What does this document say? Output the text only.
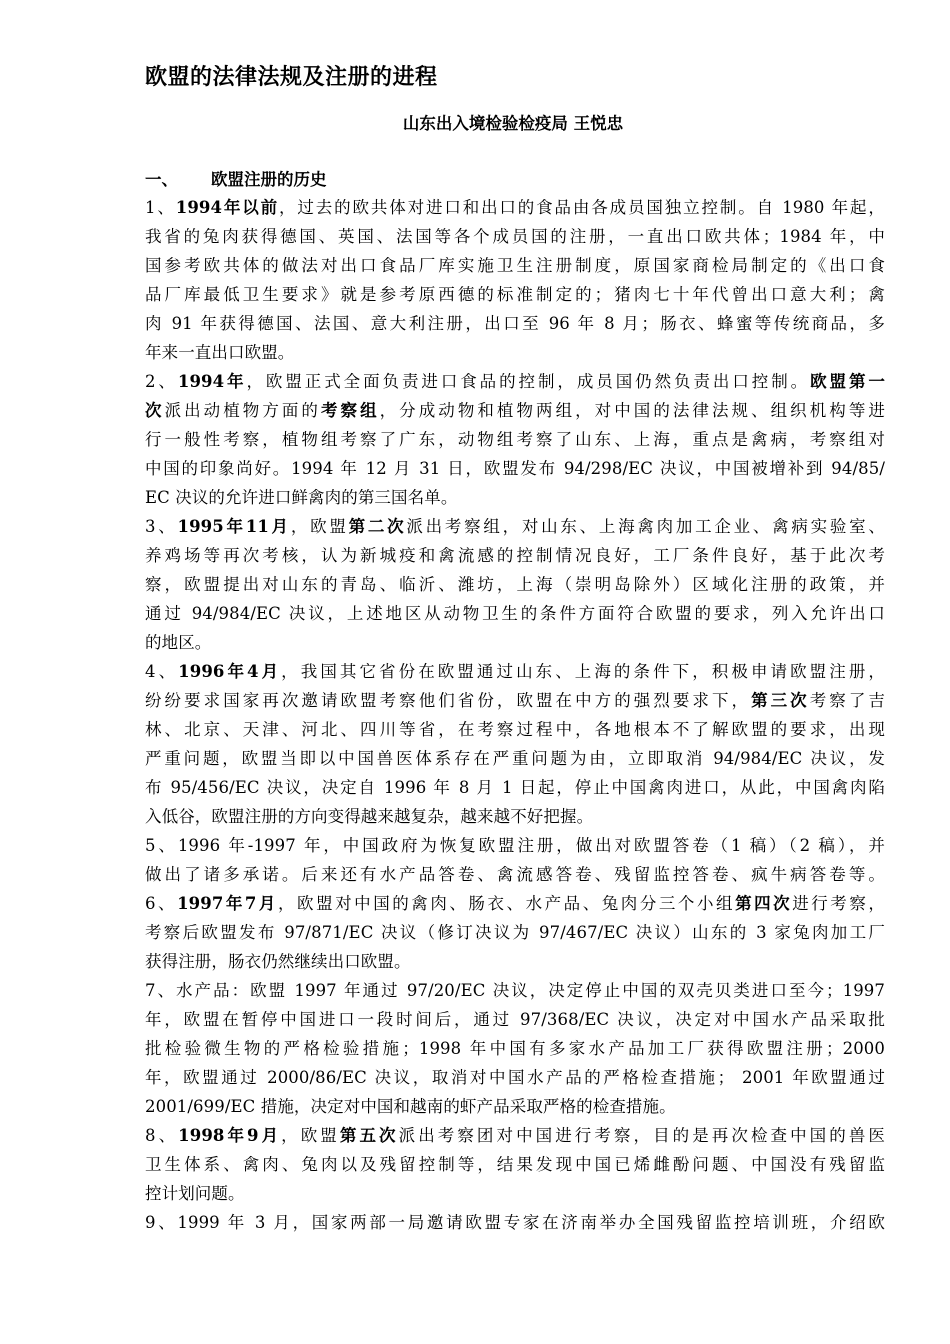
欧盟的法律法规及注册的进程
山东出入境检验检疫局 王悦忠
一、 欧盟注册的历史
1、1994年以前，过去的欧共体对进口和出口的食品由各成员国独立控制。自 1980 年起，
我省的兔肉获得德国、英国、法国等各个成员国的注册，一直出口欧共体；1984 年，中
国参考欧共体的做法对出口食品厂库实施卫生注册制度，原国家商检局制定的《出口食
品厂库最低卫生要求》就是参考原西德的标准制定的；猪肉七十年代曾出口意大利；禽
肉 91 年获得德国、法国、意大利注册，出口至 96 年 8 月；肠衣、蜂蜜等传统商品，多
年来一直出口欧盟。
2、1994年，欧盟正式全面负责进口食品的控制，成员国仍然负责出口控制。欧盟第一
次派出动植物方面的考察组，分成动物和植物两组，对中国的法律法规、组织机构等进
行一般性考察，植物组考察了广东，动物组考察了山东、上海，重点是禽病，考察组对
中国的印象尚好。1994 年 12 月 31 日，欧盟发布 94/298/EC 决议，中国被增补到 94/85/
EC 决议的允许进口鲜禽肉的第三国名单。
3、1995年11月，欧盟第二次派出考察组，对山东、上海禽肉加工企业、禽病实验室、
养鸡场等再次考核，认为新城疫和禽流感的控制情况良好，工厂条件良好，基于此次考
察，欧盟提出对山东的青岛、临沂、潍坊，上海（崇明岛除外）区域化注册的政策，并
通过 94/984/EC 决议，上述地区从动物卫生的条件方面符合欧盟的要求，列入允许出口
的地区。
4、1996年4月，我国其它省份在欧盟通过山东、上海的条件下，积极申请欧盟注册，
纷纷要求国家再次邀请欧盟考察他们省份，欧盟在中方的强烈要求下，第三次考察了吉
林、北京、天津、河北、四川等省，在考察过程中，各地根本不了解欧盟的要求，出现
严重问题，欧盟当即以中国兽医体系存在严重问题为由，立即取消 94/984/EC 决议，发
布 95/456/EC 决议，决定自 1996 年 8 月 1 日起，停止中国禽肉进口，从此，中国禽肉陷
入低谷，欧盟注册的方向变得越来越复杂，越来越不好把握。
5、1996 年-1997 年，中国政府为恢复欧盟注册，做出对欧盟答卷（1 稿）（2 稿），并
做出了诸多承诺。后来还有水产品答卷、禽流感答卷、残留监控答卷、疯牛病答卷等。
6、1997年7月，欧盟对中国的禽肉、肠衣、水产品、兔肉分三个小组第四次进行考察，
考察后欧盟发布 97/871/EC 决议（修订决议为 97/467/EC 决议）山东的 3 家兔肉加工厂
获得注册，肠衣仍然继续出口欧盟。
7、水产品：欧盟 1997 年通过 97/20/EC 决议，决定停止中国的双壳贝类进口至今；1997
年，欧盟在暂停中国进口一段时间后，通过 97/368/EC 决议，决定对中国水产品采取批
批检验微生物的严格检验措施；1998 年中国有多家水产品加工厂获得欧盟注册；2000
年，欧盟通过 2000/86/EC 决议，取消对中国水产品的严格检查措施； 2001 年欧盟通过
2001/699/EC 措施，决定对中国和越南的虾产品采取严格的检查措施。
8、1998年9月，欧盟第五次派出考察团对中国进行考察，目的是再次检查中国的兽医
卫生体系、禽肉、兔肉以及残留控制等，结果发现中国已烯雌酚问题、中国没有残留监
控计划问题。
9、1999 年 3 月，国家两部一局邀请欧盟专家在济南举办全国残留监控培训班，介绍欧
